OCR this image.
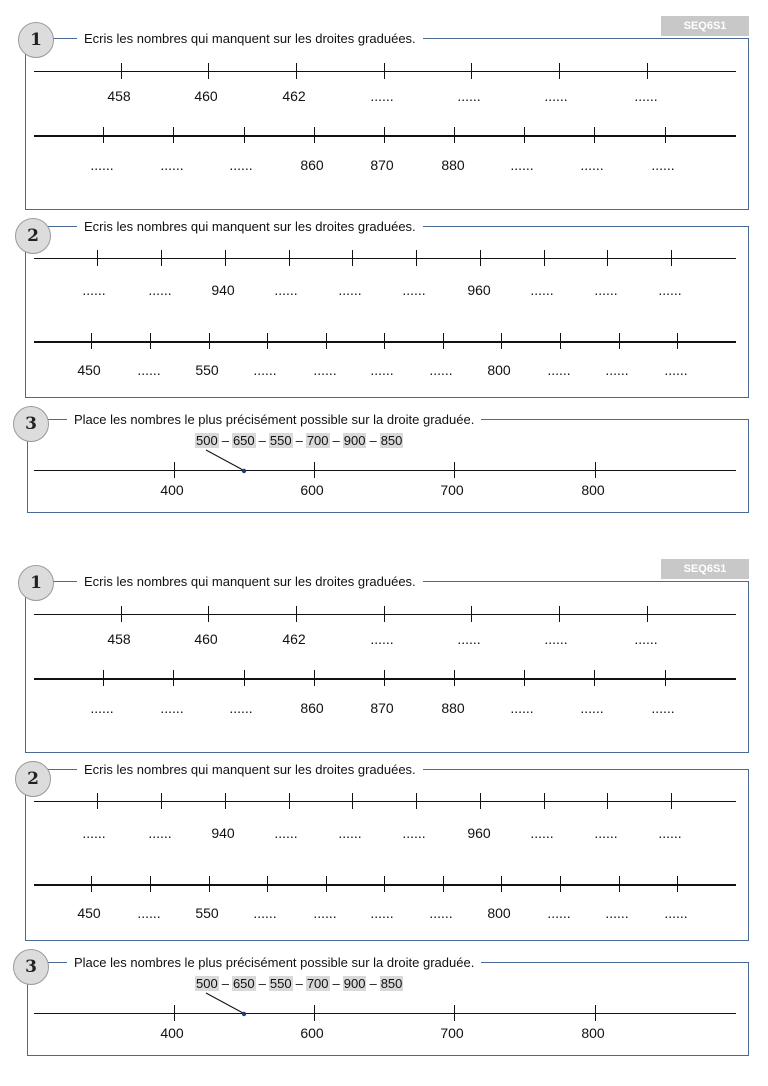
1	Ecris les nombres qui manquent sur les droites graduées.
SEQ6S1
458	460	462	......	......	......	......
......	......	......	860	870	880	......	......	......
2	Ecris les nombres qui manquent sur les droites graduées.
......	......	940	......	......	......	960	......	......	......
450	...... 550 ......	...... ......	...... 800	...... ......	......
3	Place les nombres le plus précisément possible sur la droite graduée.
500 – 650 – 550 – 700 – 900 – 850
400	600	700	800
1	Ecris les nombres qui manquent sur les droites graduées.
SEQ6S1
458	460	462	......	......	......	......
......	......	......	860	870	880	......	......	......
2	Ecris les nombres qui manquent sur les droites graduées.
......	......	940	......	......	......	960	......	......	......
450	...... 550 ......	...... ......	...... 800	...... ......	......
3	Place les nombres le plus précisément possible sur la droite graduée.
500 – 650 – 550 – 700 – 900 – 850
400	600	700	800
